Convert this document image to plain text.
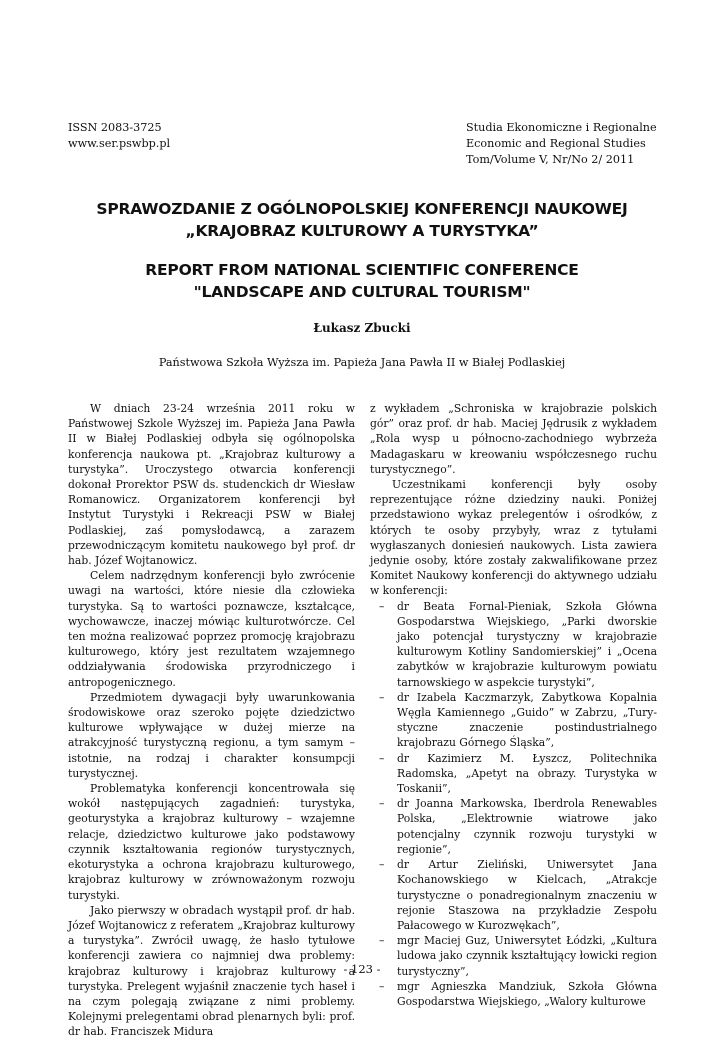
ISSN 2083-3725
www.ser.pswbp.pl
Studia Ekonomiczne i Regionalne
Economic and Regional Studies
Tom/Volume V, Nr/No 2/ 2011
SPRAWOZDANIE Z OGÓLNOPOLSKIEJ KONFERENCJI NAUKOWEJ
„KRAJOBRAZ KULTUROWY A TURYSTYKA”
REPORT FROM NATIONAL SCIENTIFIC CONFERENCE
"LANDSCAPE AND CULTURAL TOURISM"
Łukasz Zbucki
Państwowa Szkoła Wyższa im. Papieża Jana Pawła II w Białej Podlaskiej

W dniach 23-24 września 2011 roku w Państwowej Szkole Wyższej im. Papieża Jana Pawła II w Białej Podlaskiej odbyła się ogólnopolska konferencja naukowa pt. „Krajobraz kulturowy a turystyka”. Uroczystego otwarcia konferencji dokonał Prorektor PSW ds. studenckich dr Wiesław Romanowicz. Organizatorem konferencji był Instytut Turystyki i Rekreacji PSW w Białej Podlaskiej, zaś pomysłodawcą, a zarazem przewodniczącym komitetu naukowego był prof. dr hab. Józef Wojtanowicz.

Celem nadrzędnym konferencji było zwrócenie uwagi na wartości, które niesie dla człowieka turystyka. Są to wartości poznawcze, kształcące, wychowawcze, inaczej mówiąc kulturotwórcze. Cel ten można realizować poprzez promocję krajobrazu kulturowego, który jest rezultatem wzajemnego oddziaływania środowiska przyrodniczego i antropogenicznego.

Przedmiotem dywagacji były uwarunkowania środowiskowe oraz szeroko pojęte dziedzictwo kulturowe wpływające w dużej mierze na atrakcyjność turystyczną regionu, a tym samym – istotnie, na rodzaj i charakter konsumpcji turystycznej.

Problematyka konferencji koncentrowała się wokół następujących zagadnień: turystyka, geoturystyka a krajobraz kulturowy – wzajemne relacje, dziedzictwo kulturowe jako podstawowy czynnik kształtowania regionów turystycznych, ekoturystyka a ochrona krajobrazu kulturowego, krajobraz kulturowy w zrównoważonym rozwoju turystyki.

Jako pierwszy w obradach wystąpił prof. dr hab. Józef Wojtanowicz z referatem „Krajobraz kulturowy a turystyka”. Zwrócił uwagę, że hasło tytułowe konferencji zawiera co najmniej dwa problemy: krajobraz kulturowy i krajobraz kulturowy a turystyka. Prelegent wyjaśnił znaczenie tych haseł i na czym polegają związane z nimi problemy. Kolejnymi prelegentami obrad plenarnych byli: prof. dr hab. Franciszek Midura

z wykładem „Schroniska w krajobrazie polskich gór” oraz prof. dr hab. Maciej Jędrusik z wykładem „Rola wysp u północno-zachodniego wybrzeża Madagaskaru w kreowaniu współczesnego ruchu turystycznego”.

Uczestnikami konferencji były osoby reprezentujące różne dziedziny nauki. Poniżej przedstawiono wykaz prelegentów i ośrodków, z których te osoby przybyły, wraz z tytułami wygłaszanych doniesień naukowych. Lista zawiera jedynie osoby, które zostały zakwalifikowane przez Komitet Naukowy konferencji do aktywnego udziału w konferencji:

– dr Beata Fornal-Pieniak, Szkoła Główna Gospodarstwa Wiejskiego, „Parki dworskie jako potencjał turystyczny w krajobrazie kulturowym Kotliny Sandomierskiej” i „Ocena zabytków w krajobrazie kulturowym powiatu tarnowskiego w aspekcie turystyki”,
– dr Izabela Kaczmarzyk, Zabytkowa Kopalnia Węgla Kamiennego „Guido” w Zabrzu, „Tury-styczne znaczenie postindustrialnego krajobrazu Górnego Śląska”,
– dr Kazimierz M. Łyszcz, Politechnika Radomska, „Apetyt na obrazy. Turystyka w Toskanii”,
– dr Joanna Markowska, Iberdrola Renewables Polska, „Elektrownie wiatrowe jako potencjalny czynnik rozwoju turystyki w regionie”,
– dr Artur Zieliński, Uniwersytet Jana Kochanowskiego w Kielcach, „Atrakcje turystyczne o ponadregionalnym znaczeniu w rejonie Staszowa na przykładzie Zespołu Pałacowego w Kurozwękach”,
– mgr Maciej Guz, Uniwersytet Łódzki, „Kultura ludowa jako czynnik kształtujący łowicki region turystyczny”,
– mgr Agnieszka Mandziuk, Szkoła Główna Gospodarstwa Wiejskiego, „Walory kulturowe
- 123 -
